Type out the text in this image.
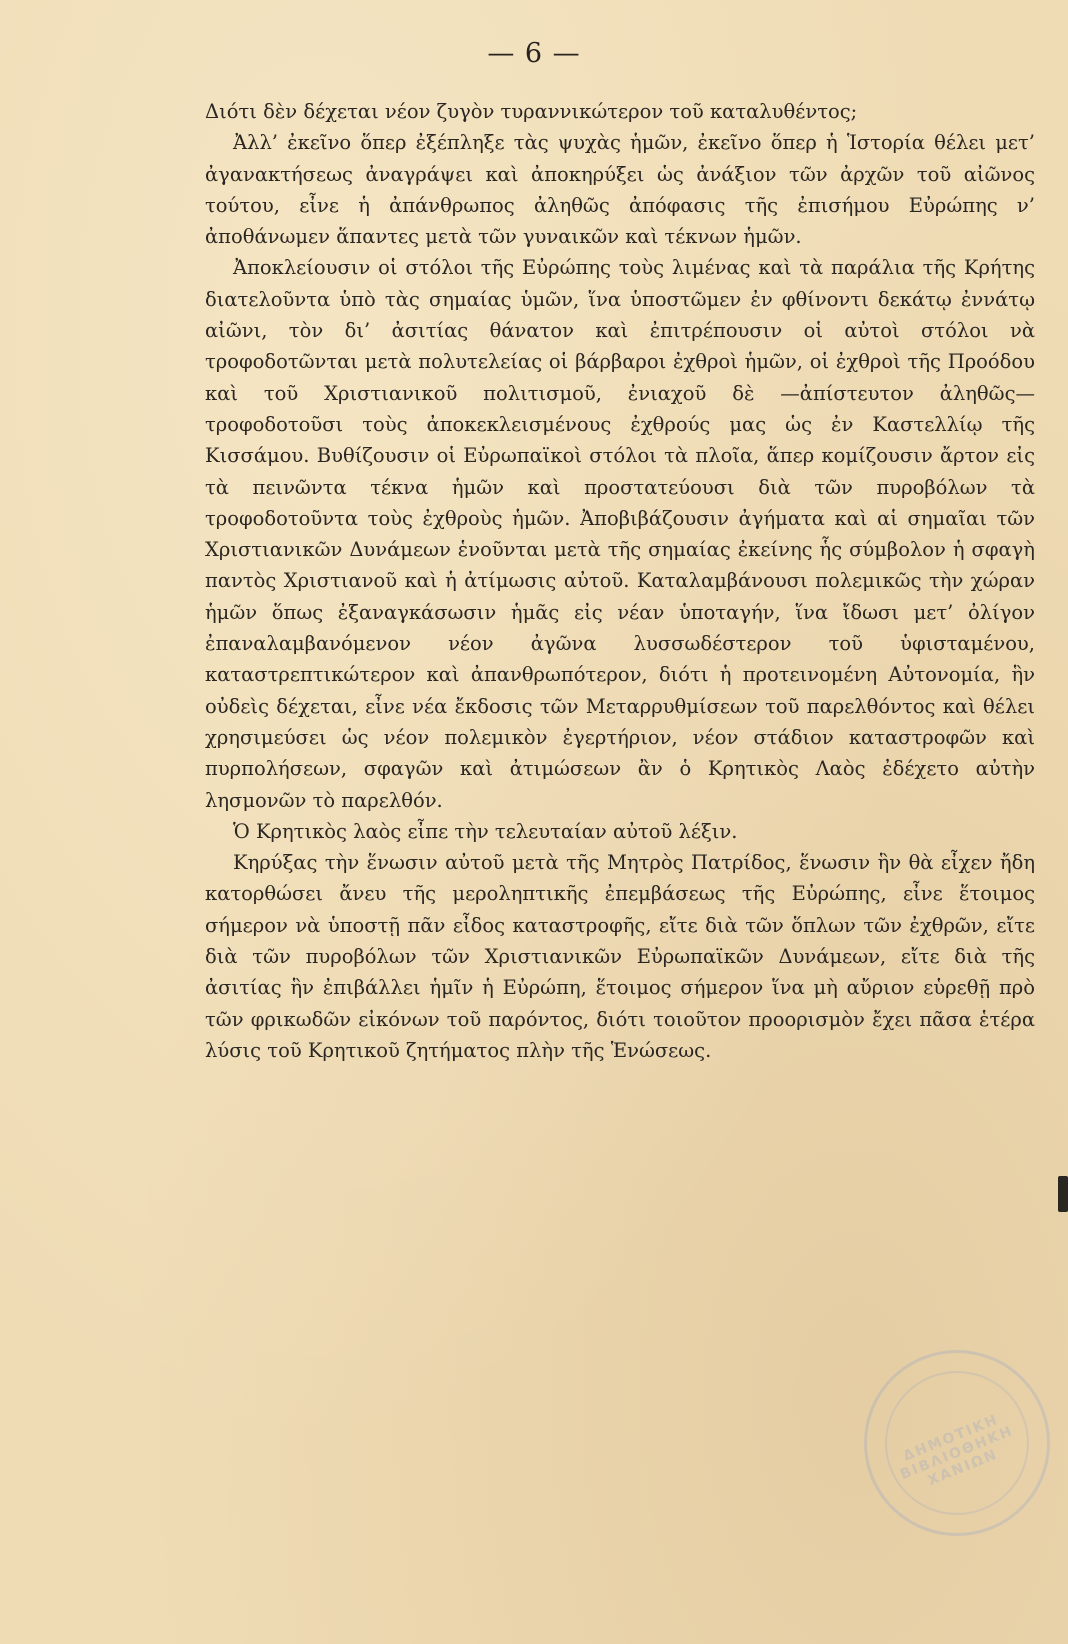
— 6 —

Διότι δὲν δέχεται νέον ζυγὸν τυραννικώτερον τοῦ καταλυθέντος;

Ἀλλ’ ἐκεῖνο ὅπερ ἐξέπληξε τὰς ψυχὰς ἡμῶν, ἐκεῖνο ὅπερ ἡ Ἱστορία θέλει μετ’ ἀγανακτήσεως ἀναγράψει καὶ ἀποκηρύξει ὡς ἀνάξιον τῶν ἀρχῶν τοῦ αἰῶνος τούτου, εἶνε ἡ ἀπάνθρωπος ἀληθῶς ἀπόφασις τῆς ἐπισήμου Εὐρώπης ν’ ἀποθάνωμεν ἅπαντες μετὰ τῶν γυναικῶν καὶ τέκνων ἡμῶν.

Ἀποκλείουσιν οἱ στόλοι τῆς Εὐρώπης τοὺς λιμένας καὶ τὰ παράλια τῆς Κρήτης διατελοῦντα ὑπὸ τὰς σημαίας ὑμῶν, ἵνα ὑποστῶμεν ἐν φθίνοντι δεκάτῳ ἐννάτῳ αἰῶνι, τὸν δι’ ἀσιτίας θάνατον καὶ ἐπιτρέπουσιν οἱ αὐτοὶ στόλοι νὰ τροφοδοτῶνται μετὰ πολυτελείας οἱ βάρβαροι ἐχθροὶ ἡμῶν, οἱ ἐχθροὶ τῆς Προόδου καὶ τοῦ Χριστιανικοῦ πολιτισμοῦ, ἐνιαχοῦ δὲ —ἀπίστευτον ἀληθῶς— τροφοδοτοῦσι τοὺς ἀποκεκλεισμένους ἐχθρούς μας ὡς ἐν Καστελλίῳ τῆς Κισσάμου. Βυθίζουσιν οἱ Εὐρωπαϊκοὶ στόλοι τὰ πλοῖα, ἅπερ κομίζουσιν ἄρτον εἰς τὰ πεινῶντα τέκνα ἡμῶν καὶ προστατεύουσι διὰ τῶν πυροβόλων τὰ τροφοδοτοῦντα τοὺς ἐχθροὺς ἡμῶν. Ἀποβιβάζουσιν ἀγήματα καὶ αἱ σημαῖαι τῶν Χριστιανικῶν Δυνάμεων ἑνοῦνται μετὰ τῆς σημαίας ἐκείνης ἧς σύμβολον ἡ σφαγὴ παντὸς Χριστιανοῦ καὶ ἡ ἀτίμωσις αὐτοῦ. Καταλαμβάνουσι πολεμικῶς τὴν χώραν ἡμῶν ὅπως ἐξαναγκάσωσιν ἡμᾶς εἰς νέαν ὑποταγήν, ἵνα ἴδωσι μετ’ ὀλίγον ἐπαναλαμβανόμενον νέον ἀγῶνα λυσσωδέστερον τοῦ ὑφισταμένου, καταστρεπτικώτερον καὶ ἀπανθρωπότερον, διότι ἡ προτεινομένη Αὐτονομία, ἣν οὐδεὶς δέχεται, εἶνε νέα ἔκδοσις τῶν Μεταρρυθμίσεων τοῦ παρελθόντος καὶ θέλει χρησιμεύσει ὡς νέον πολεμικὸν ἐγερτήριον, νέον στάδιον καταστροφῶν καὶ πυρπολήσεων, σφαγῶν καὶ ἀτιμώσεων ἂν ὁ Κρητικὸς Λαὸς ἐδέχετο αὐτὴν λησμονῶν τὸ παρελθόν.

Ὁ Κρητικὸς λαὸς εἶπε τὴν τελευταίαν αὐτοῦ λέξιν.

Κηρύξας τὴν ἕνωσιν αὐτοῦ μετὰ τῆς Μητρὸς Πατρίδος, ἕνωσιν ἣν θὰ εἶχεν ἤδη κατορθώσει ἄνευ τῆς μεροληπτικῆς ἐπεμβάσεως τῆς Εὐρώπης, εἶνε ἕτοιμος σήμερον νὰ ὑποστῇ πᾶν εἶδος καταστροφῆς, εἴτε διὰ τῶν ὅπλων τῶν ἐχθρῶν, εἴτε διὰ τῶν πυροβόλων τῶν Χριστιανικῶν Εὐρωπαϊκῶν Δυνάμεων, εἴτε διὰ τῆς ἀσιτίας ἣν ἐπιβάλλει ἡμῖν ἡ Εὐρώπη, ἕτοιμος σήμερον ἵνα μὴ αὔριον εὑρεθῇ πρὸ τῶν φρικωδῶν εἰκόνων τοῦ παρόντος, διότι τοιοῦτον προορισμὸν ἔχει πᾶσα ἑτέρα λύσις τοῦ Κρητικοῦ ζητήματος πλὴν τῆς Ἑνώσεως.

ΔΗΜΟΤΙΚΗ ΒΙΒΛΙΟΘΗΚΗ ΧΑΝΙΩΝ
